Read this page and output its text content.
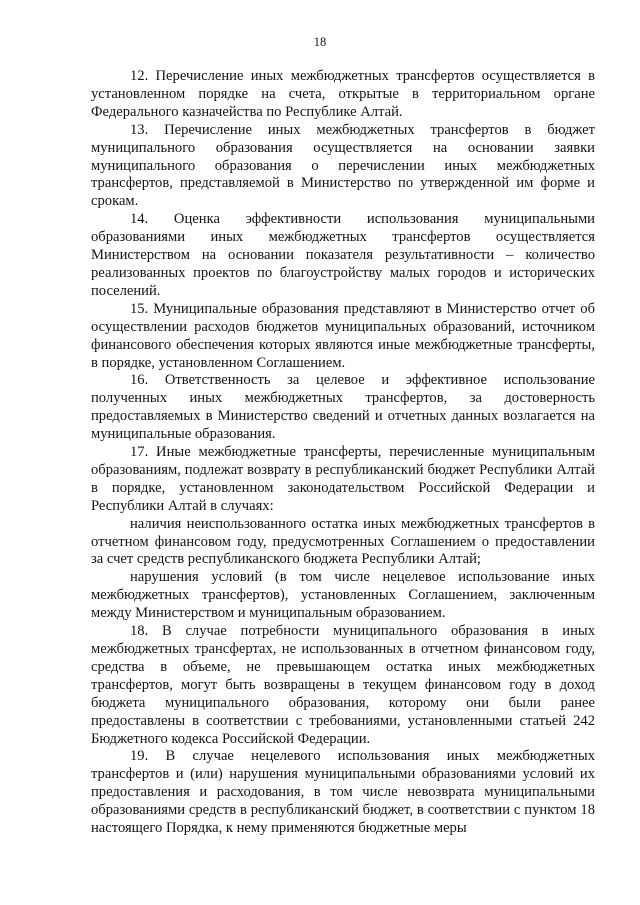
18

12. Перечисление иных межбюджетных трансфертов осуществляется в установленном порядке на счета, открытые в территориальном органе Федерального казначейства по Республике Алтай.

13. Перечисление иных межбюджетных трансфертов в бюджет муниципального образования осуществляется на основании заявки муниципального образования о перечислении иных межбюджетных трансфертов, представляемой в Министерство по утвержденной им форме и срокам.

14. Оценка эффективности использования муниципальными образованиями иных межбюджетных трансфертов осуществляется Министерством на основании показателя результативности – количество реализованных проектов по благоустройству малых городов и исторических поселений.

15. Муниципальные образования представляют в Министерство отчет об осуществлении расходов бюджетов муниципальных образований, источником финансового обеспечения которых являются иные межбюджетные трансферты, в порядке, установленном Соглашением.

16. Ответственность за целевое и эффективное использование полученных иных межбюджетных трансфертов, за достоверность предоставляемых в Министерство сведений и отчетных данных возлагается на муниципальные образования.

17. Иные межбюджетные трансферты, перечисленные муниципальным образованиям, подлежат возврату в республиканский бюджет Республики Алтай в порядке, установленном законодательством Российской Федерации и Республики Алтай в случаях:

наличия неиспользованного остатка иных межбюджетных трансфертов в отчетном финансовом году, предусмотренных Соглашением о предоставлении за счет средств республиканского бюджета Республики Алтай;

нарушения условий (в том числе нецелевое использование иных межбюджетных трансфертов), установленных Соглашением, заключенным между Министерством и муниципальным образованием.

18. В случае потребности муниципального образования в иных межбюджетных трансфертах, не использованных в отчетном финансовом году, средства в объеме, не превышающем остатка иных межбюджетных трансфертов, могут быть возвращены в текущем финансовом году в доход бюджета муниципального образования, которому они были ранее предоставлены в соответствии с требованиями, установленными статьей 242 Бюджетного кодекса Российской Федерации.

19. В случае нецелевого использования иных межбюджетных трансфертов и (или) нарушения муниципальными образованиями условий их предоставления и расходования, в том числе невозврата муниципальными образованиями средств в республиканский бюджет, в соответствии с пунктом 18 настоящего Порядка, к нему применяются бюджетные меры
